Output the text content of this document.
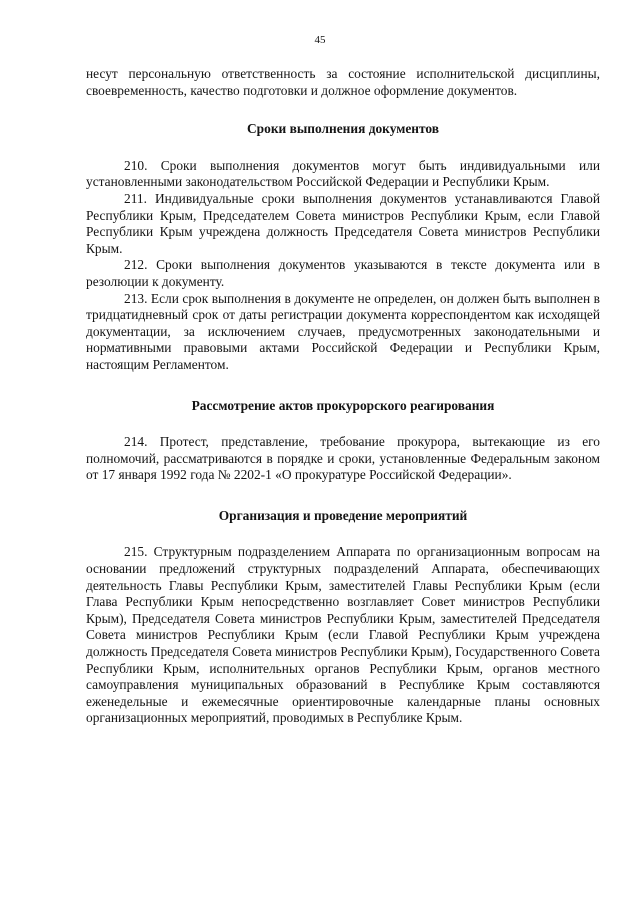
45

несут персональную ответственность за состояние исполнительской дисциплины, своевременность, качество подготовки и должное оформление документов.

Сроки выполнения документов

210. Сроки выполнения документов могут быть индивидуальными или установленными законодательством Российской Федерации и Республики Крым.

211. Индивидуальные сроки выполнения документов устанавливаются Главой Республики Крым, Председателем Совета министров Республики Крым, если Главой Республики Крым учреждена должность Председателя Совета министров Республики Крым.

212. Сроки выполнения документов указываются в тексте документа или в резолюции к документу.

213. Если срок выполнения в документе не определен, он должен быть выполнен в тридцатидневный срок от даты регистрации документа корреспондентом как исходящей документации, за исключением случаев, предусмотренных законодательными и нормативными правовыми актами Российской Федерации и Республики Крым, настоящим Регламентом.

Рассмотрение актов прокурорского реагирования

214. Протест, представление, требование прокурора, вытекающие из его полномочий, рассматриваются в порядке и сроки, установленные Федеральным законом от 17 января 1992 года № 2202-1 «О прокуратуре Российской Федерации».

Организация и проведение мероприятий

215. Структурным подразделением Аппарата по организационным вопросам на основании предложений структурных подразделений Аппарата, обеспечивающих деятельность Главы Республики Крым, заместителей Главы Республики Крым (если Глава Республики Крым непосредственно возглавляет Совет министров Республики Крым), Председателя Совета министров Республики Крым, заместителей Председателя Совета министров Республики Крым (если Главой Республики Крым учреждена должность Председателя Совета министров Республики Крым), Государственного Совета Республики Крым, исполнительных органов Республики Крым, органов местного самоуправления муниципальных образований в Республике Крым составляются еженедельные и ежемесячные ориентировочные календарные планы основных организационных мероприятий, проводимых в Республике Крым.
